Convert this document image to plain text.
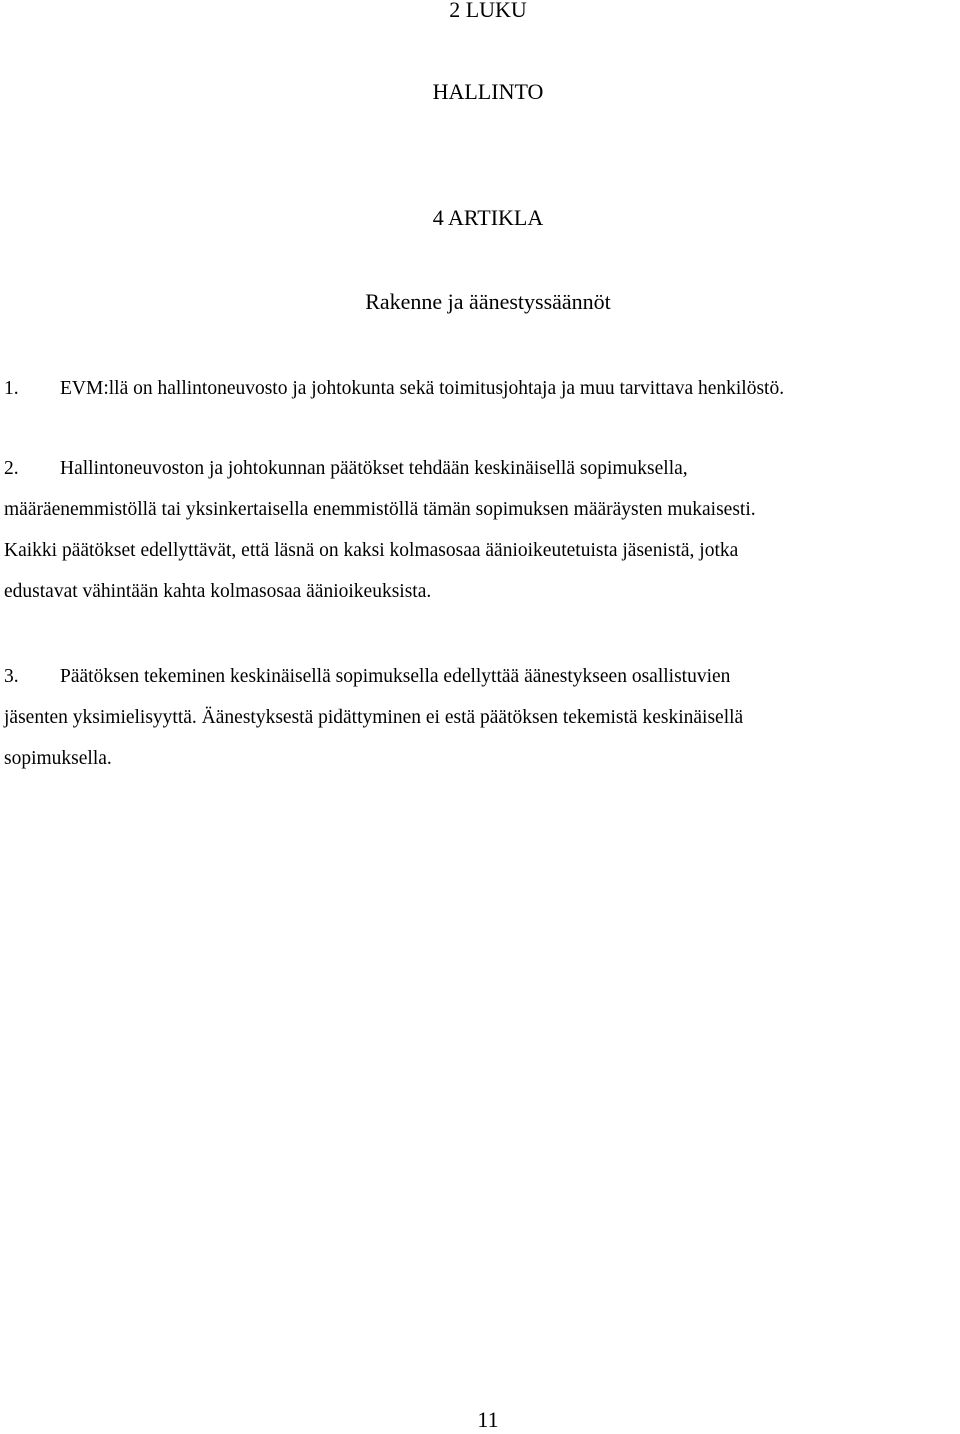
2 LUKU
HALLINTO
4 ARTIKLA
Rakenne ja äänestyssäännöt
1. EVM:llä on hallintoneuvosto ja johtokunta sekä toimitusjohtaja ja muu tarvittava henkilöstö.
2. Hallintoneuvoston ja johtokunnan päätökset tehdään keskinäisellä sopimuksella,
määräenemmistöllä tai yksinkertaisella enemmistöllä tämän sopimuksen määräysten mukaisesti.
Kaikki päätökset edellyttävät, että läsnä on kaksi kolmasosaa äänioikeutetuista jäsenistä, jotka
edustavat vähintään kahta kolmasosaa äänioikeuksista.
3. Päätöksen tekeminen keskinäisellä sopimuksella edellyttää äänestykseen osallistuvien
jäsenten yksimielisyyttä. Äänestyksestä pidättyminen ei estä päätöksen tekemistä keskinäisellä
sopimuksella.
11
